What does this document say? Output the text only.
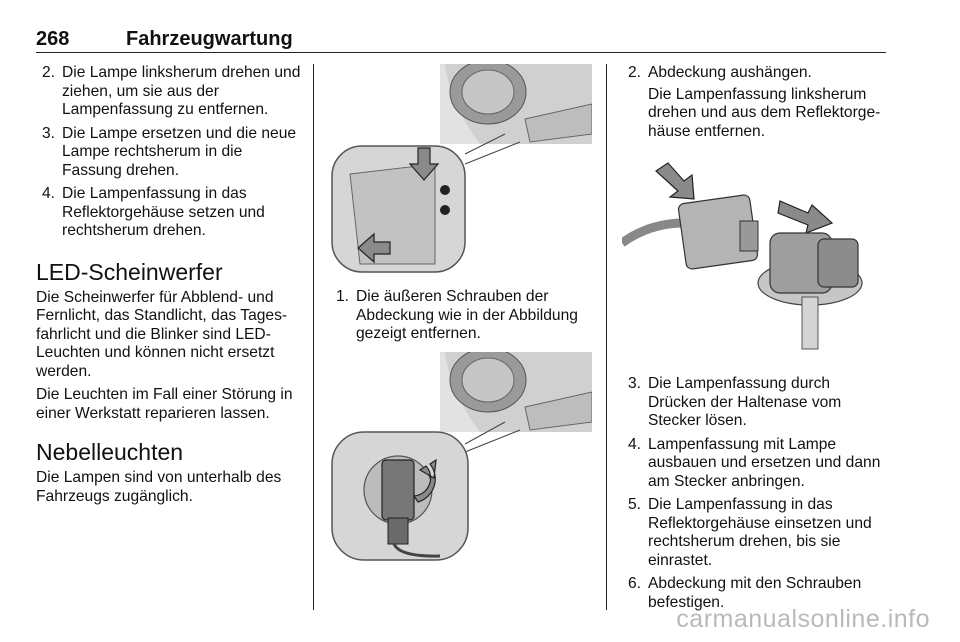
268	Fahrzeugwartung
2. Die Lampe linksherum drehen und ziehen, um sie aus der Lampenfassung zu entfernen.
3. Die Lampe ersetzen und die neue Lampe rechtsherum in die Fassung drehen.
4. Die Lampenfassung in das Reflektorgehäuse setzen und rechtsherum drehen.
LED-Scheinwerfer

Die Scheinwerfer für Abblend- und Fernlicht, das Standlicht, das Tages-fahrlicht und die Blinker sind LED-Leuchten und können nicht ersetzt werden.

Die Leuchten im Fall einer Störung in einer Werkstatt reparieren lassen.

Nebelleuchten

Die Lampen sind von unterhalb des Fahrzeugs zugänglich.

1. Die äußeren Schrauben der Abdeckung wie in der Abbildung gezeigt entfernen.
2. Abdeckung aushängen.

Die Lampenfassung linksherum drehen und aus dem Reflektorge-häuse entfernen.

3. Die Lampenfassung durch Drücken der Haltenase vom Stecker lösen.
4. Lampenfassung mit Lampe ausbauen und ersetzen und dann am Stecker anbringen.
5. Die Lampenfassung in das Reflektorgehäuse einsetzen und rechtsherum drehen, bis sie einrastet.
6. Abdeckung mit den Schrauben befestigen.
carmanualsonline.info
